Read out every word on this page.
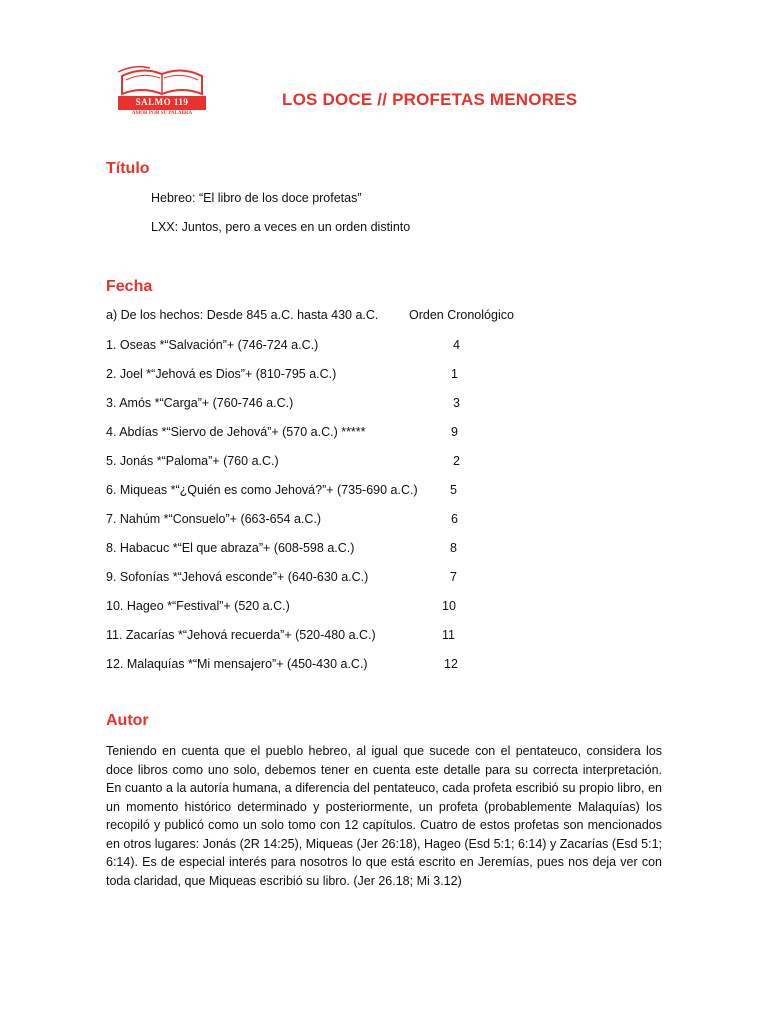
SALMO 119
AMOR POR SU PALABRA
LOS DOCE // PROFETAS MENORES
Título
Hebreo: “El libro de los doce profetas”
LXX: Juntos, pero a veces en un orden distinto
Fecha
a) De los hechos: Desde 845 a.C. hasta 430 a.C. Orden Cronológico
1. Oseas *“Salvación”+ (746-724 a.C.)	4
2. Joel *“Jehová es Dios”+ (810-795 a.C.)	1
3. Amós *“Carga”+ (760-746 a.C.)	3
4. Abdías *“Siervo de Jehová”+ (570 a.C.) *****	9
5. Jonás *“Paloma”+ (760 a.C.)	2
6. Miqueas *“¿Quién es como Jehová?”+ (735-690 a.C.)	5
7. Nahúm *“Consuelo”+ (663-654 a.C.)	6
8. Habacuc *“El que abraza”+ (608-598 a.C.)	8
9. Sofonías *“Jehová esconde”+ (640-630 a.C.)	7
10. Hageo *“Festival”+ (520 a.C.)	10
11. Zacarías *“Jehová recuerda”+ (520-480 a.C.)	11
12. Malaquías *“Mi mensajero”+ (450-430 a.C.)	12
Autor
Teniendo en cuenta que el pueblo hebreo, al igual que sucede con el pentateuco, considera los doce libros como uno solo, debemos tener en cuenta este detalle para su correcta interpretación. En cuanto a la autoría humana, a diferencia del pentateuco, cada profeta escribió su propio libro, en un momento histórico determinado y posteriormente, un profeta (probablemente Malaquías) los recopiló y publicó como un solo tomo con 12 capítulos. Cuatro de estos profetas son mencionados en otros lugares: Jonás (2R 14:25), Miqueas (Jer 26:18), Hageo (Esd 5:1; 6:14) y Zacarías (Esd 5:1; 6:14). Es de especial interés para nosotros lo que está escrito en Jeremías, pues nos deja ver con toda claridad, que Miqueas escribió su libro. (Jer 26.18; Mi 3.12)
